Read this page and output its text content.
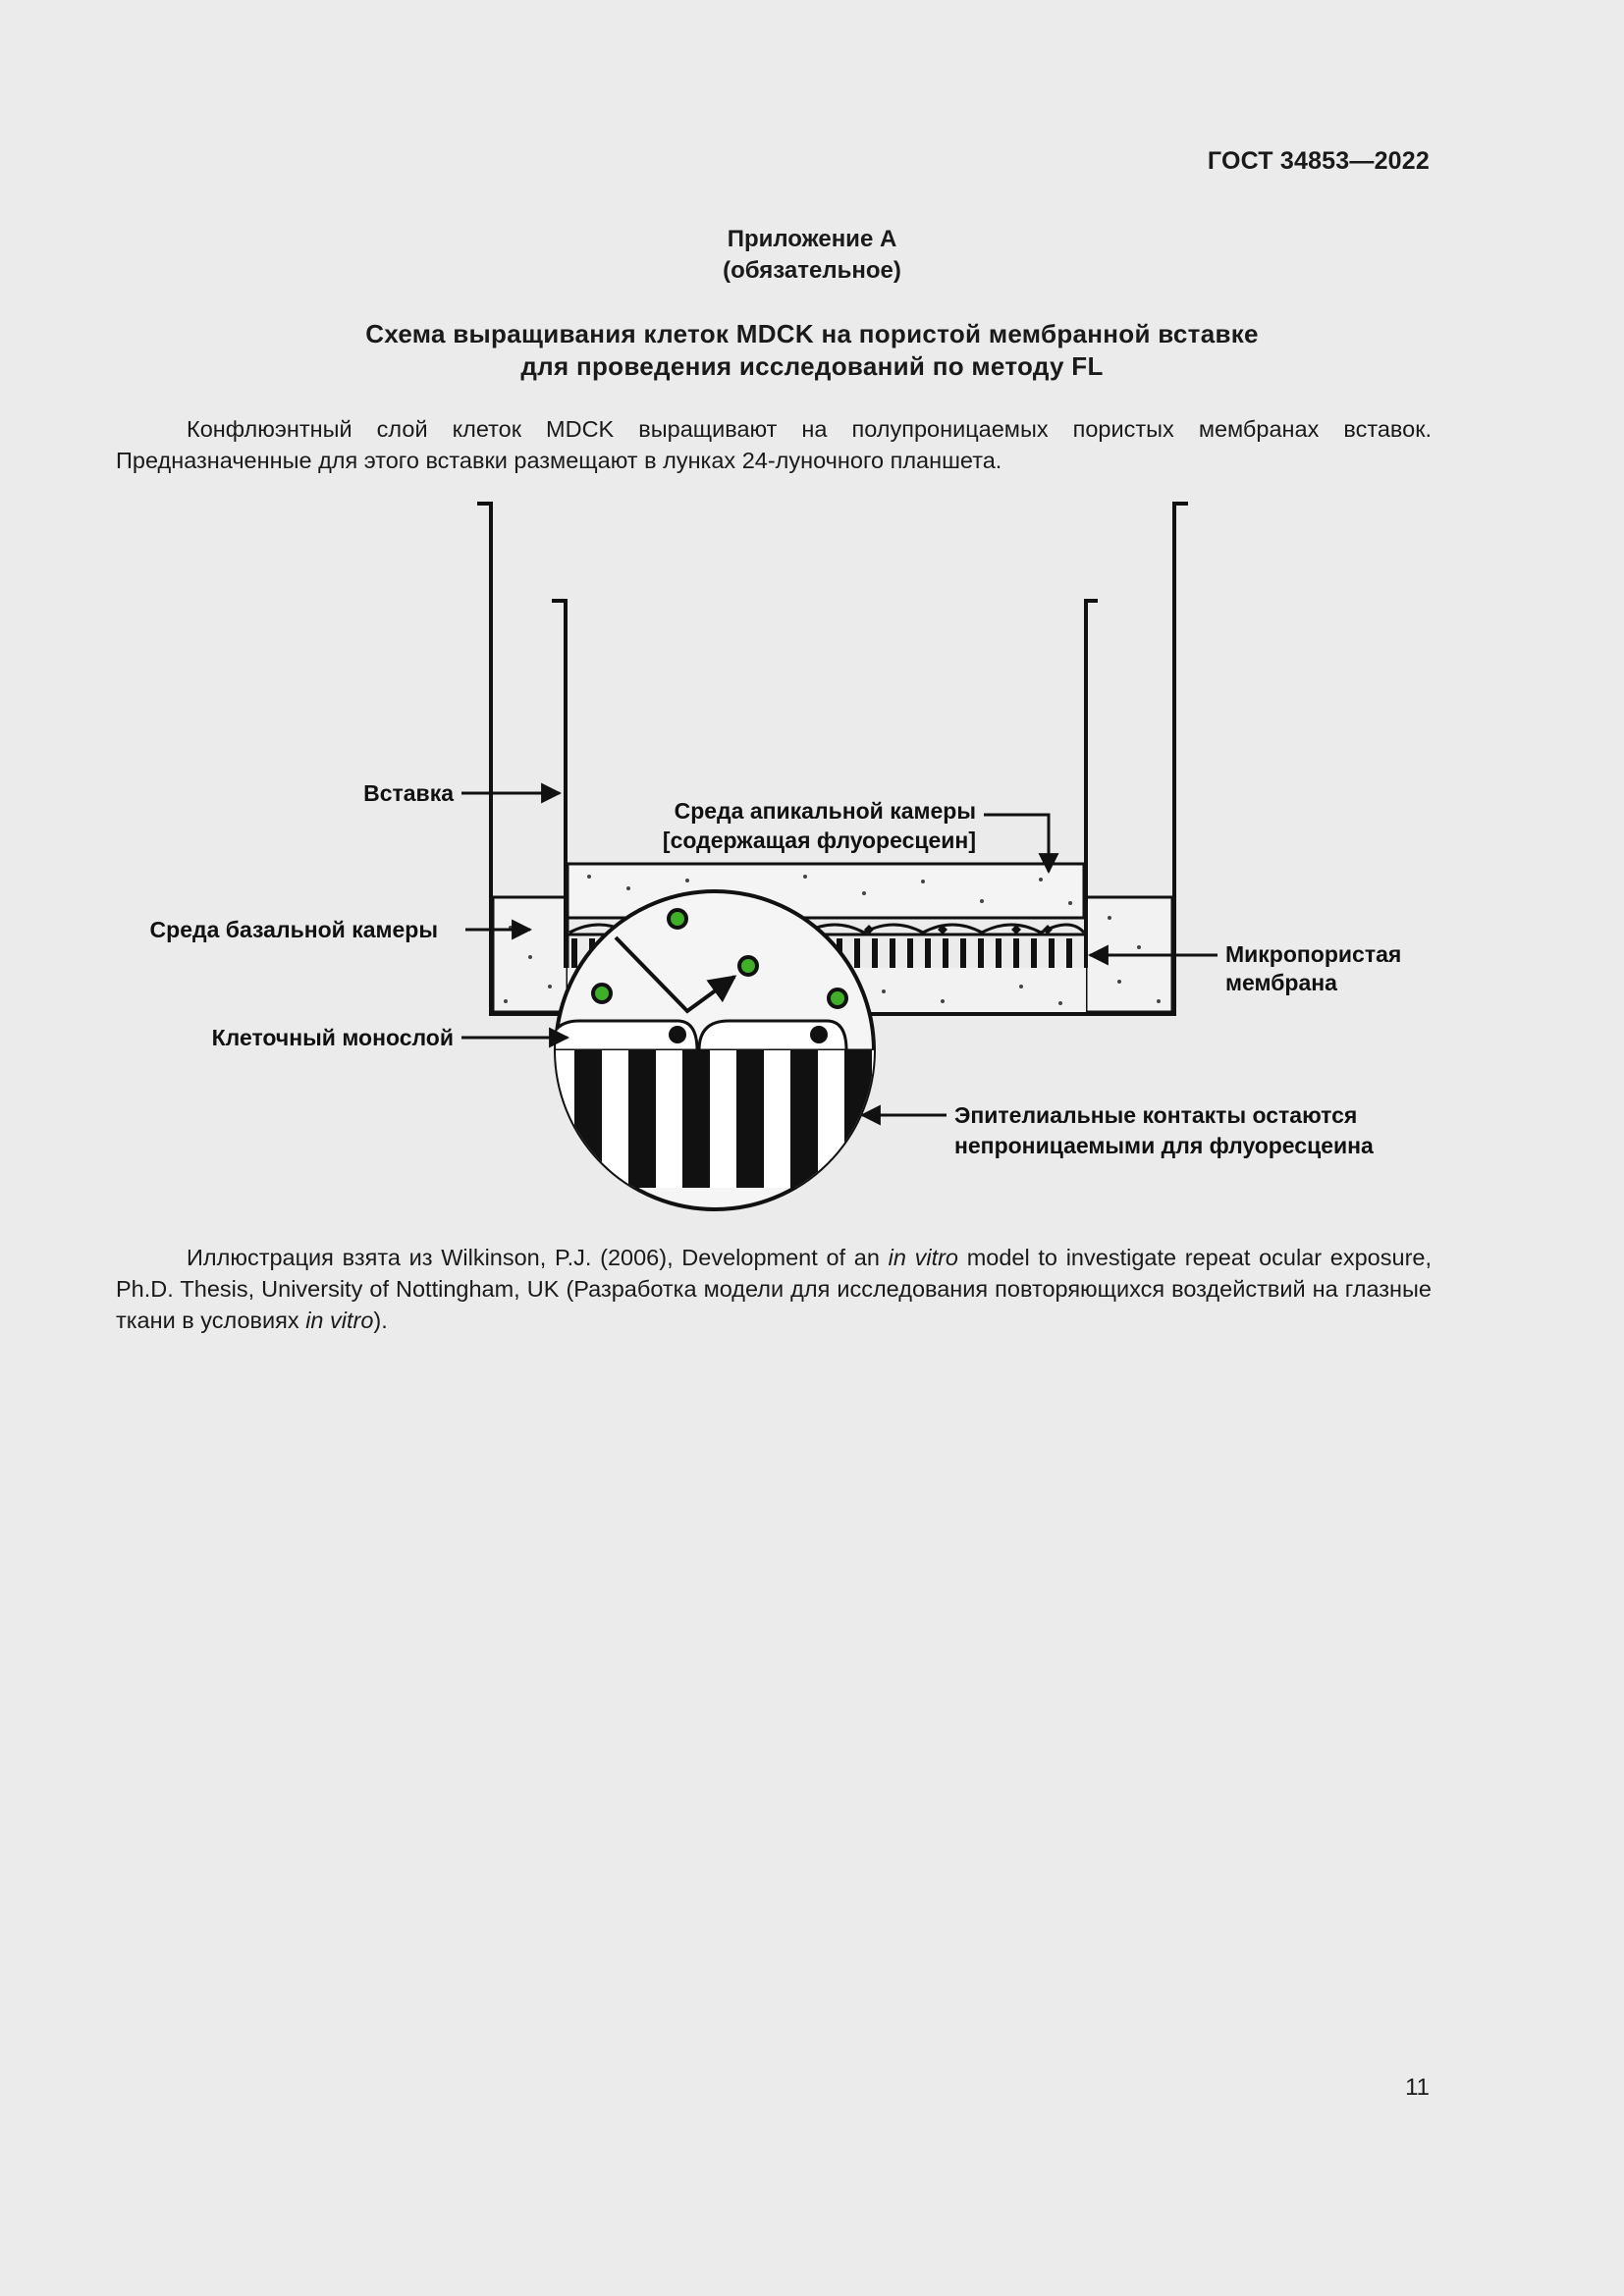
ГОСТ 34853—2022
Приложение А
(обязательное)
Схема выращивания клеток MDCK на пористой мембранной вставке
для проведения исследований по методу FL
Конфлюэнтный слой клеток MDCK выращивают на полупроницаемых пористых мембранах вставок. Предназначенные для этого вставки размещают в лунках 24-луночного планшета.
Вставка
Среда апикальной камеры
[содержащая флуоресцеин]
Среда базальной камеры
Микропористая
мембрана
Клеточный монослой
Эпителиальные контакты остаются
непроницаемыми для флуоресцеина
Иллюстрация взята из Wilkinson, P.J. (2006), Development of an in vitro model to investigate repeat ocular exposure, Ph.D. Thesis, University of Nottingham, UK (Разработка модели для исследования повторяющихся воздействий на глазные ткани в условиях in vitro).
11
